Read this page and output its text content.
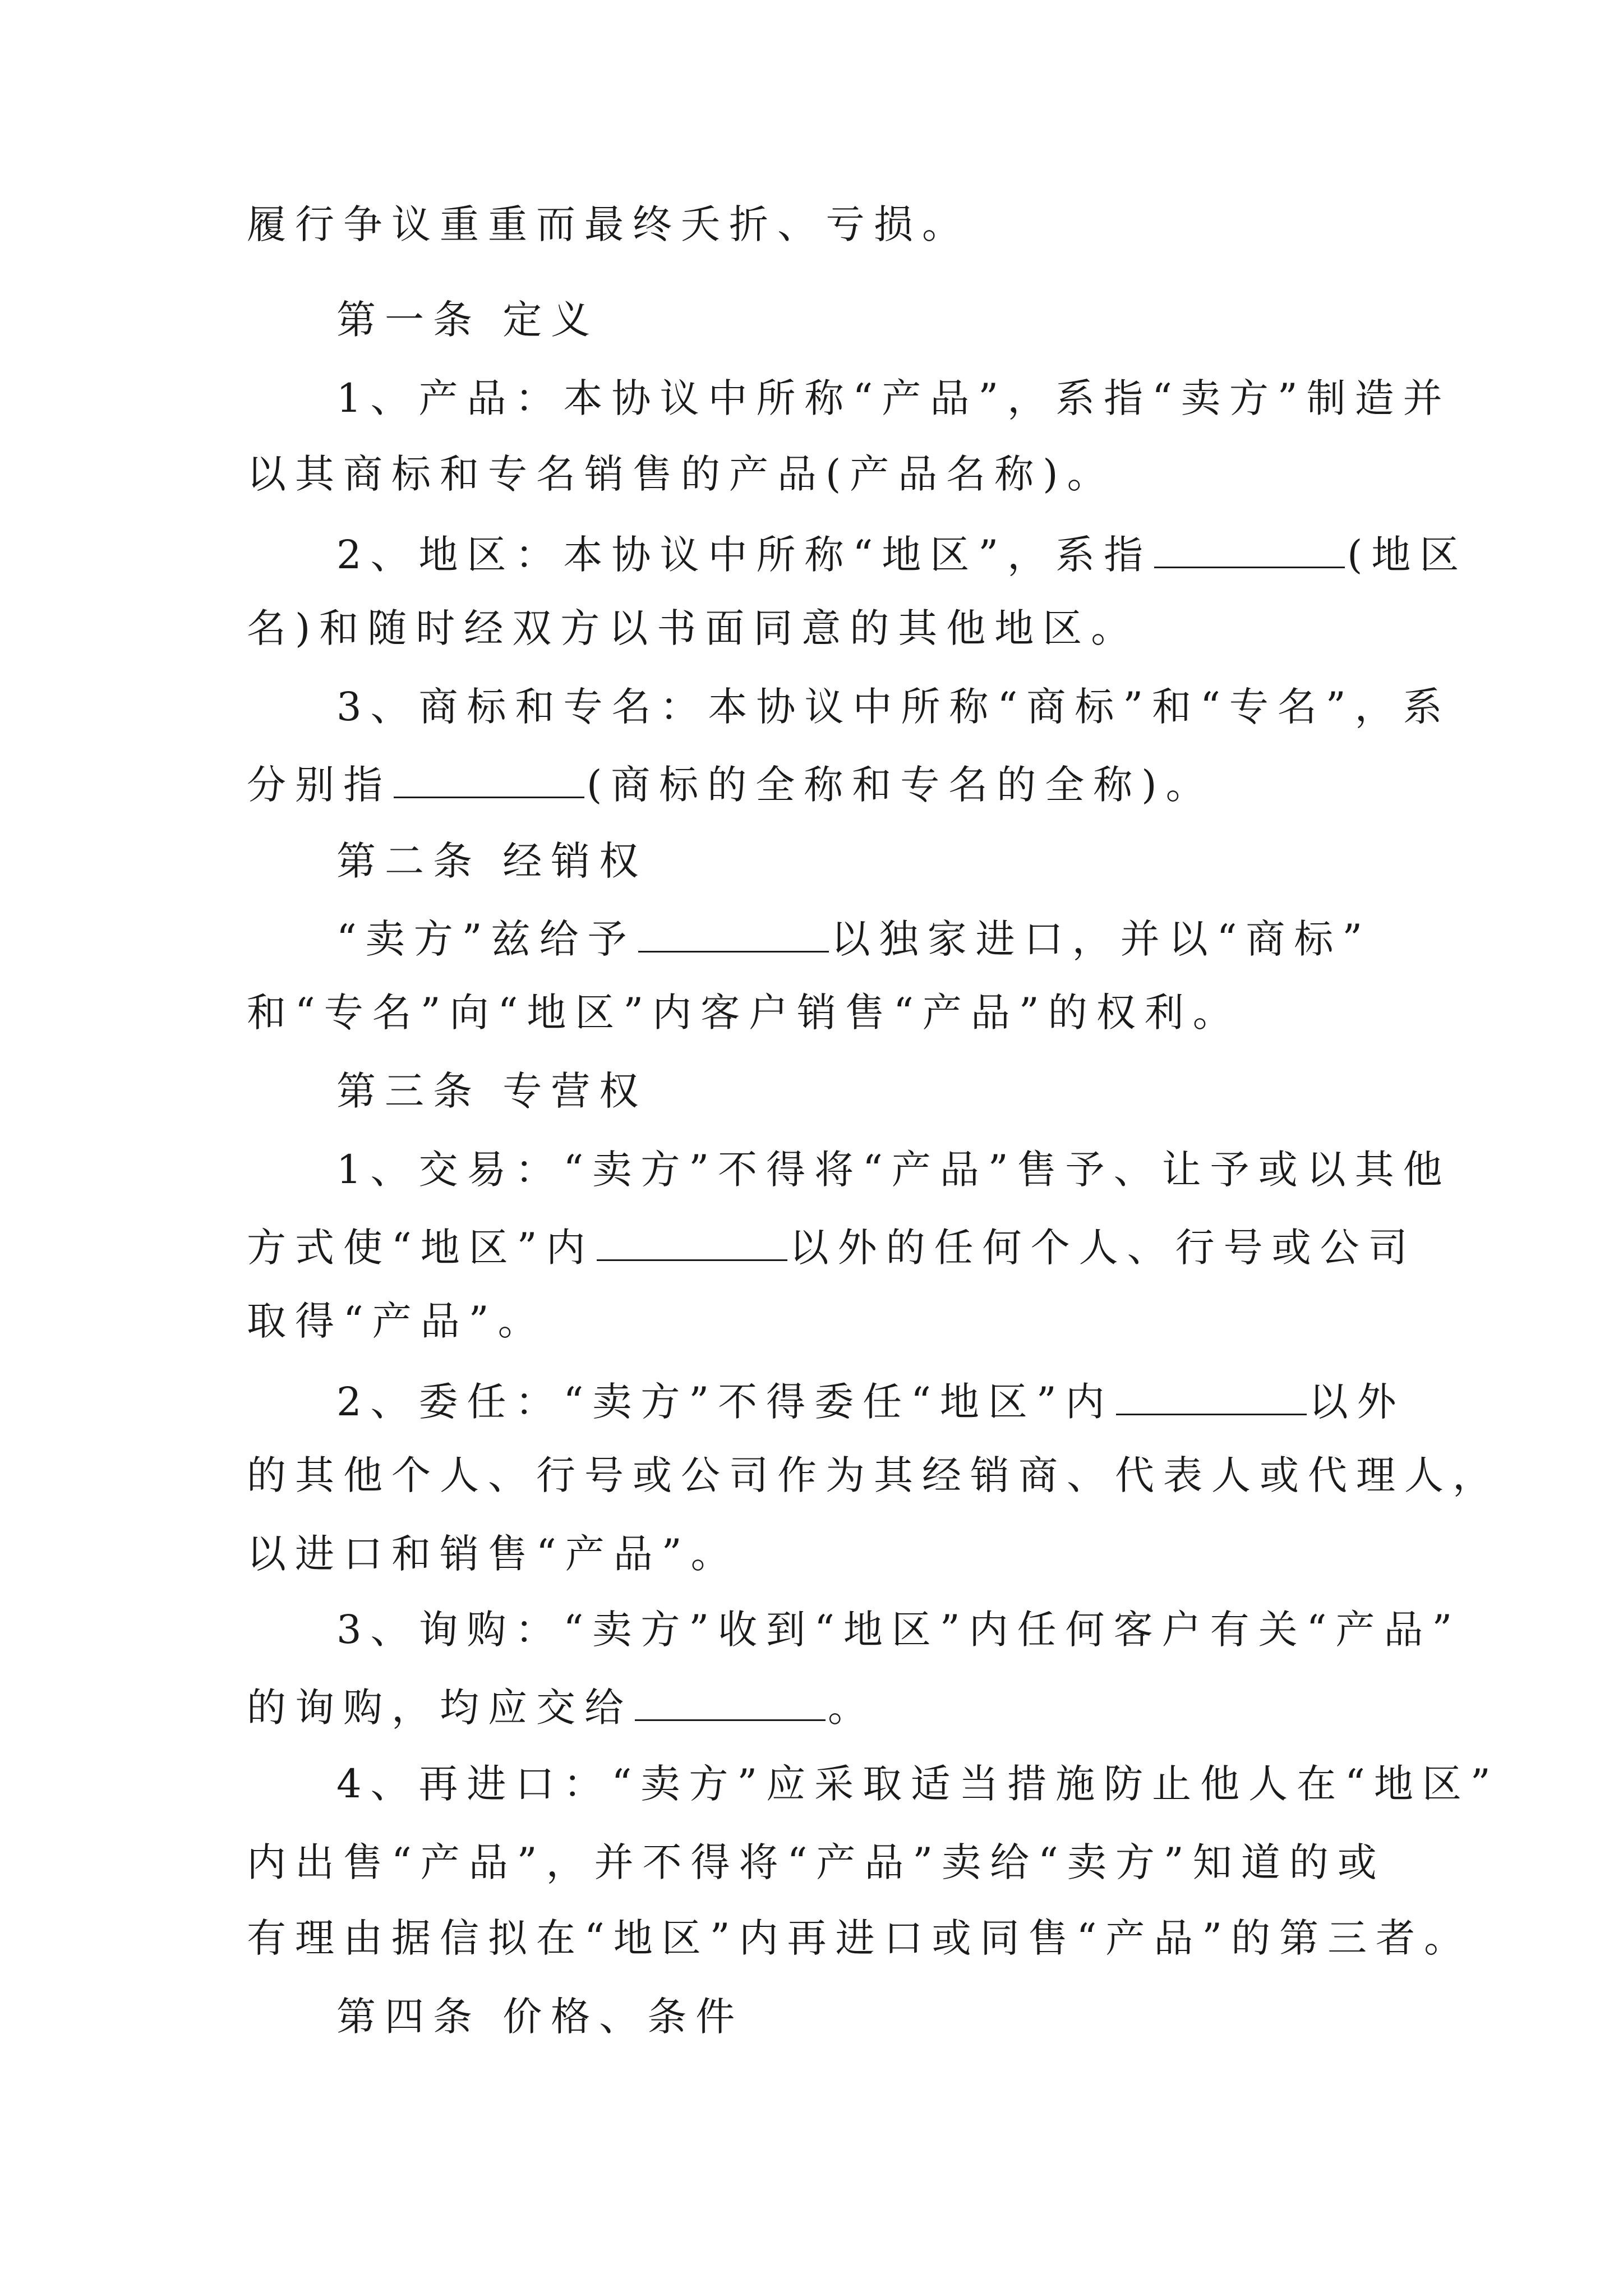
履行争议重重而最终夭折、亏损。
第一条 定义
1、产品：本协议中所称“产品”，系指“卖方”制造并
以其商标和专名销售的产品(产品名称)。
2、地区：本协议中所称“地区”，系指	(地区
名)和随时经双方以书面同意的其他地区。
3、商标和专名：本协议中所称“商标”和“专名”，系
分别指	(商标的全称和专名的全称)。
第二条 经销权
“卖方”兹给予	以独家进口，并以“商标”
和“专名”向“地区”内客户销售“产品”的权利。
第三条 专营权
1、交易：“卖方”不得将“产品”售予、让予或以其他
方式使“地区”内	以外的任何个人、行号或公司
取得“产品”。
2、委任：“卖方”不得委任“地区”内	以外
的其他个人、行号或公司作为其经销商、代表人或代理人，
以进口和销售“产品”。
3、询购：“卖方”收到“地区”内任何客户有关“产品”
的询购，均应交给	。
4、再进口：“卖方”应采取适当措施防止他人在“地区”
内出售“产品”，并不得将“产品”卖给“卖方”知道的或
有理由据信拟在“地区”内再进口或同售“产品”的第三者。
第四条 价格、条件
